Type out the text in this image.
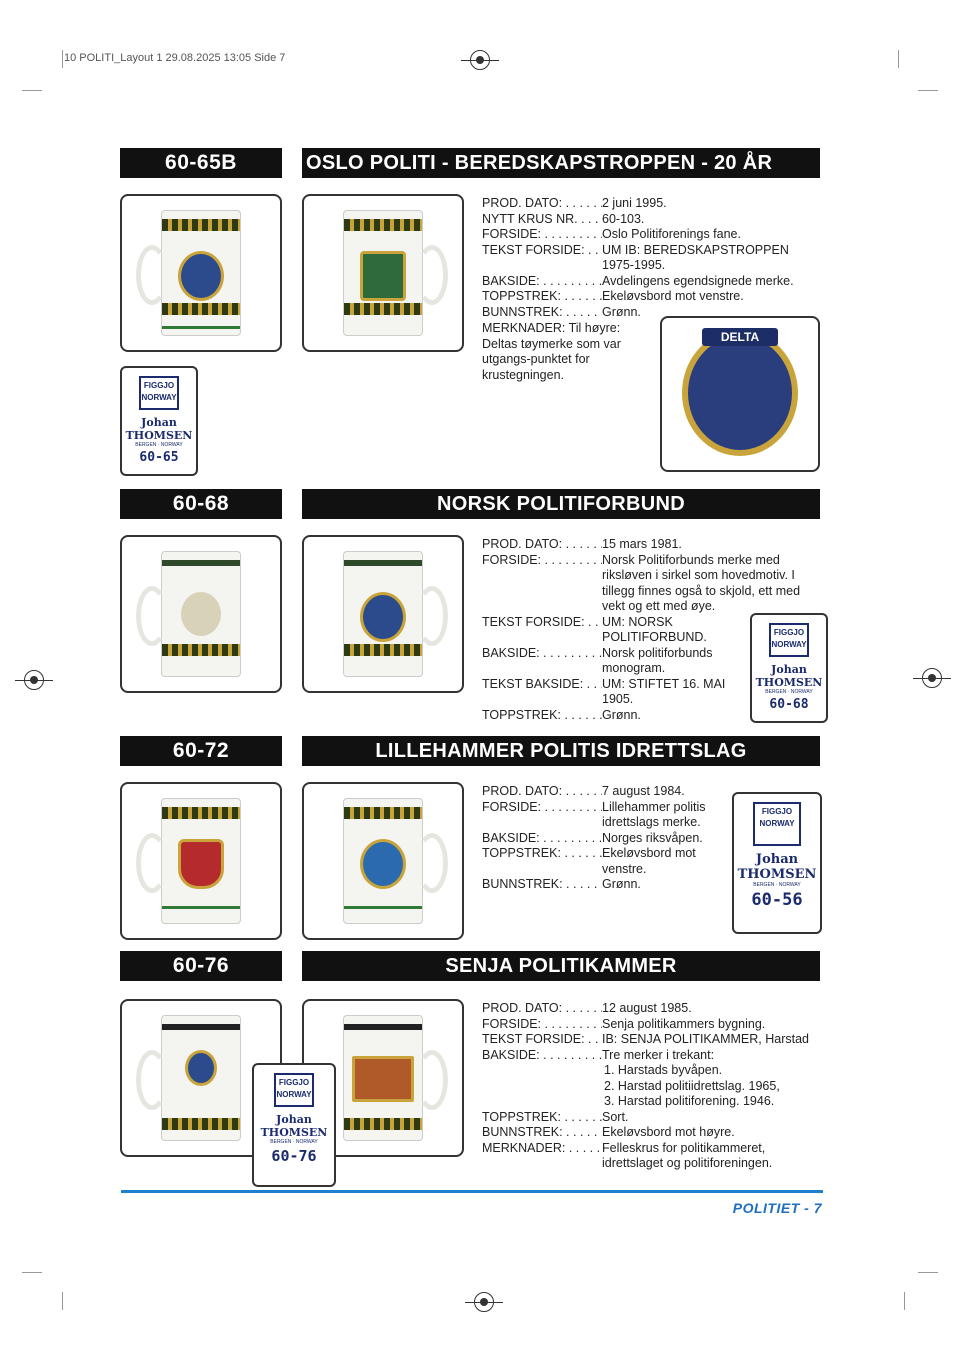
10 POLITI_Layout 1 29.08.2025 13:05 Side 7
60-65B	OSLO POLITI - BEREDSKAPSTROPPEN - 20 ÅR
FIGGJO NORWAY
Johan THOMSEN
BERGEN · NORWAY
60-65
PROD. DATO: . . .	2 juni 1995.
NYTT KRUS NR. . . .	60-103.
FORSIDE: . . .	Oslo Politiforenings fane.
TEKST FORSIDE: . . .	UM IB: BEREDSKAPSTROPPEN 1975-1995.
BAKSIDE: . . .	Avdelingens egendsignede merke.
TOPPSTREK: . . .	Ekeløvsbord mot venstre.
BUNNSTREK: . . .	Grønn.
MERKNADER: Til høyre: Deltas tøymerke som var utgangs-punktet for krustegningen.
DELTA
60-68	NORSK POLITIFORBUND
PROD. DATO: . . .	15 mars 1981.
FORSIDE: . . .	Norsk Politiforbunds merke med riksløven i sirkel som hovedmotiv. I tillegg finnes også to skjold, ett med vekt og ett med øye.
TEKST FORSIDE: . . .	UM: NORSK POLITIFORBUND.
BAKSIDE: . . .	Norsk politiforbunds monogram.
TEKST BAKSIDE: . . .	UM: STIFTET 16. MAI 1905.
TOPPSTREK: . . .	Grønn.
FIGGJO NORWAY
Johan THOMSEN
BERGEN · NORWAY
60-68
60-72	LILLEHAMMER POLITIS IDRETTSLAG
PROD. DATO: . . .	7 august 1984.
FORSIDE: . . .	Lillehammer politis idrettslags merke.
BAKSIDE: . . .	Norges riksvåpen.
TOPPSTREK: . . .	Ekeløvsbord mot venstre.
BUNNSTREK: . . .	Grønn.
FIGGJO NORWAY
Johan THOMSEN
BERGEN · NORWAY
60-56
60-76	SENJA POLITIKAMMER
FIGGJO NORWAY
Johan THOMSEN
BERGEN · NORWAY
60-76
PROD. DATO: . . .	12 august 1985.
FORSIDE: . . .	Senja politikammers bygning.
TEKST FORSIDE: . . .	IB: SENJA POLITIKAMMER, Harstad
BAKSIDE: . . .	Tre merker i trekant:
1. Harstads byvåpen.
2. Harstad politiidrettslag. 1965,
3. Harstad politiforening. 1946.
TOPPSTREK: . . .	Sort.
BUNNSTREK: . . .	Ekeløvsbord mot høyre.
MERKNADER: . . .	Felleskrus for politikammeret, idrettslaget og politiforeningen.
POLITIET - 7
